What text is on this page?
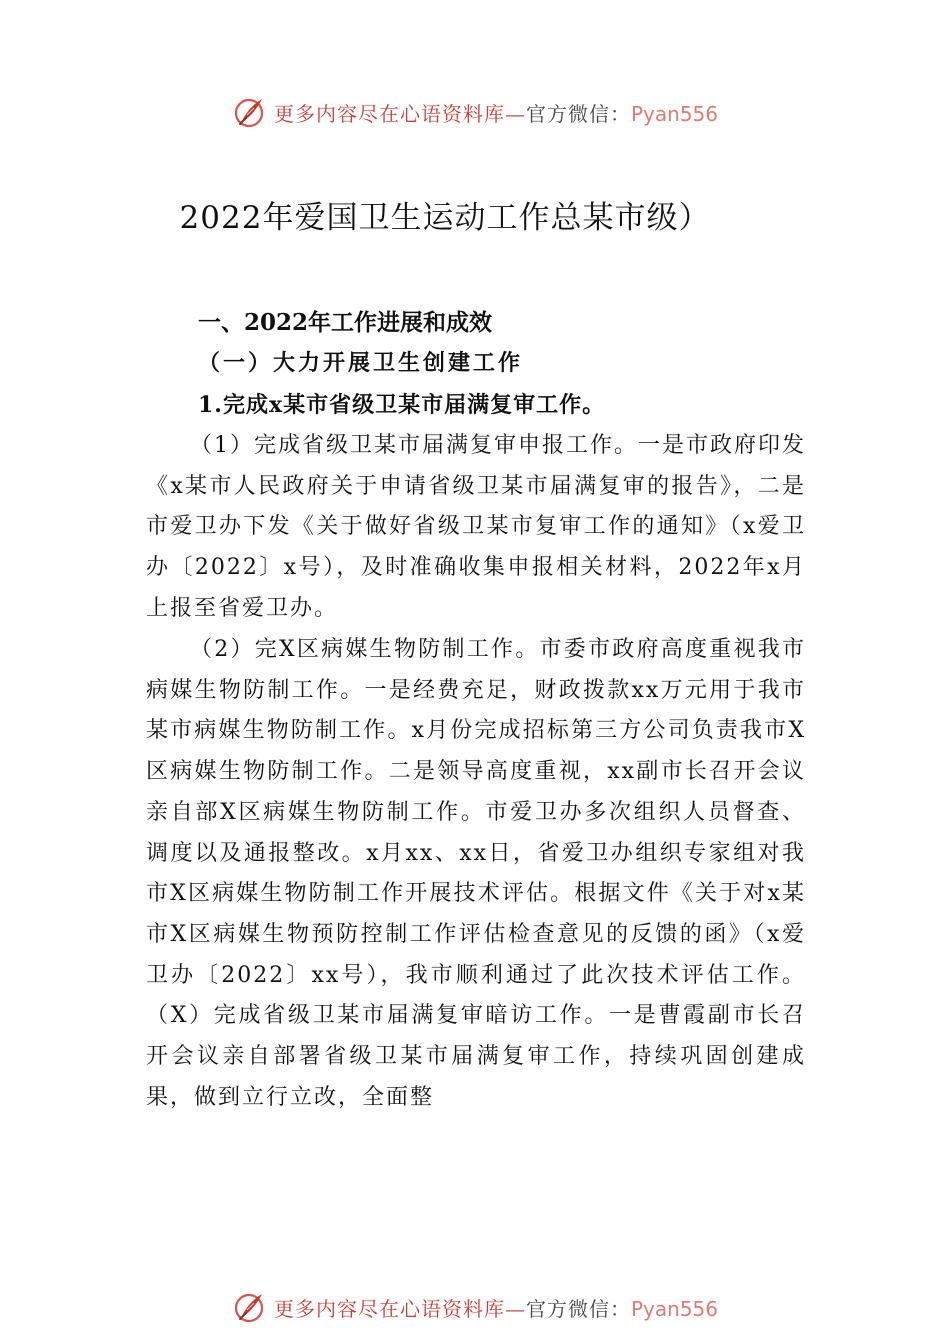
更多内容尽在心语资料库—官方微信：Pyan556
2022年爱国卫生运动工作总某市级）
一、2022年工作进展和成效
（一）大力开展卫生创建工作
1.完成x某市省级卫某市届满复审工作。

（1）完成省级卫某市届满复审申报工作。一是市政府印发《x某市人民政府关于申请省级卫某市届满复审的报告》，二是市爱卫办下发《关于做好省级卫某市复审工作的通知》（x爱卫办〔2022〕x号），及时准确收集申报相关材料，2022年x月上报至省爱卫办。

（2）完X区病媒生物防制工作。市委市政府高度重视我市病媒生物防制工作。一是经费充足，财政拨款xx万元用于我市某市病媒生物防制工作。x月份完成招标第三方公司负责我市X区病媒生物防制工作。二是领导高度重视，xx副市长召开会议亲自部X区病媒生物防制工作。市爱卫办多次组织人员督查、调度以及通报整改。x月xx、xx日，省爱卫办组织专家组对我市X区病媒生物防制工作开展技术评估。根据文件《关于对x某市X区病媒生物预防控制工作评估检查意见的反馈的函》（x爱卫办〔2022〕xx号），我市顺利通过了此次技术评估工作。（X）完成省级卫某市届满复审暗访工作。一是曹霞副市长召开会议亲自部署省级卫某市届满复审工作，持续巩固创建成果，做到立行立改，全面整

更多内容尽在心语资料库—官方微信：Pyan556
